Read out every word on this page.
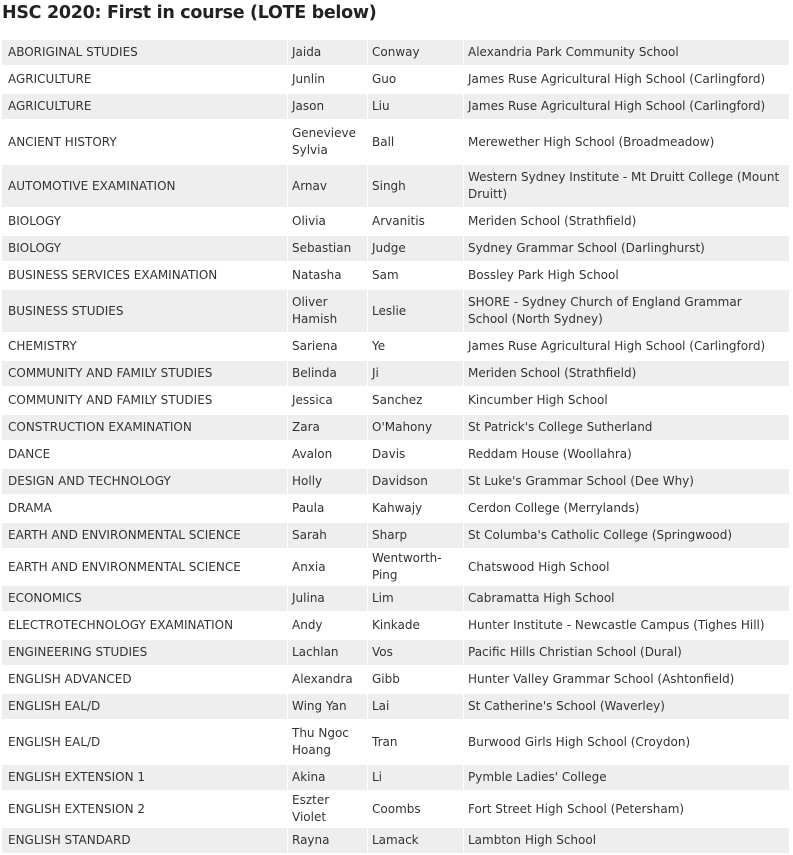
HSC 2020: First in course (LOTE below)
ABORIGINAL STUDIES	Jaida	Conway	Alexandria Park Community School
AGRICULTURE	Junlin	Guo	James Ruse Agricultural High School (Carlingford)
AGRICULTURE	Jason	Liu	James Ruse Agricultural High School (Carlingford)
ANCIENT HISTORY	Genevieve Sylvia	Ball	Merewether High School (Broadmeadow)
AUTOMOTIVE EXAMINATION	Arnav	Singh	Western Sydney Institute - Mt Druitt College (Mount Druitt)
BIOLOGY	Olivia	Arvanitis	Meriden School (Strathfield)
BIOLOGY	Sebastian	Judge	Sydney Grammar School (Darlinghurst)
BUSINESS SERVICES EXAMINATION	Natasha	Sam	Bossley Park High School
BUSINESS STUDIES	Oliver Hamish	Leslie	SHORE - Sydney Church of England Grammar School (North Sydney)
CHEMISTRY	Sariena	Ye	James Ruse Agricultural High School (Carlingford)
COMMUNITY AND FAMILY STUDIES	Belinda	Ji	Meriden School (Strathfield)
COMMUNITY AND FAMILY STUDIES	Jessica	Sanchez	Kincumber High School
CONSTRUCTION EXAMINATION	Zara	O'Mahony	St Patrick's College Sutherland
DANCE	Avalon	Davis	Reddam House (Woollahra)
DESIGN AND TECHNOLOGY	Holly	Davidson	St Luke's Grammar School (Dee Why)
DRAMA	Paula	Kahwajy	Cerdon College (Merrylands)
EARTH AND ENVIRONMENTAL SCIENCE	Sarah	Sharp	St Columba's Catholic College (Springwood)
EARTH AND ENVIRONMENTAL SCIENCE	Anxia	Wentworth-Ping	Chatswood High School
ECONOMICS	Julina	Lim	Cabramatta High School
ELECTROTECHNOLOGY EXAMINATION	Andy	Kinkade	Hunter Institute - Newcastle Campus (Tighes Hill)
ENGINEERING STUDIES	Lachlan	Vos	Pacific Hills Christian School (Dural)
ENGLISH ADVANCED	Alexandra	Gibb	Hunter Valley Grammar School (Ashtonfield)
ENGLISH EAL/D	Wing Yan	Lai	St Catherine's School (Waverley)
ENGLISH EAL/D	Thu Ngoc Hoang	Tran	Burwood Girls High School (Croydon)
ENGLISH EXTENSION 1	Akina	Li	Pymble Ladies' College
ENGLISH EXTENSION 2	Eszter Violet	Coombs	Fort Street High School (Petersham)
ENGLISH STANDARD	Rayna	Lamack	Lambton High School
